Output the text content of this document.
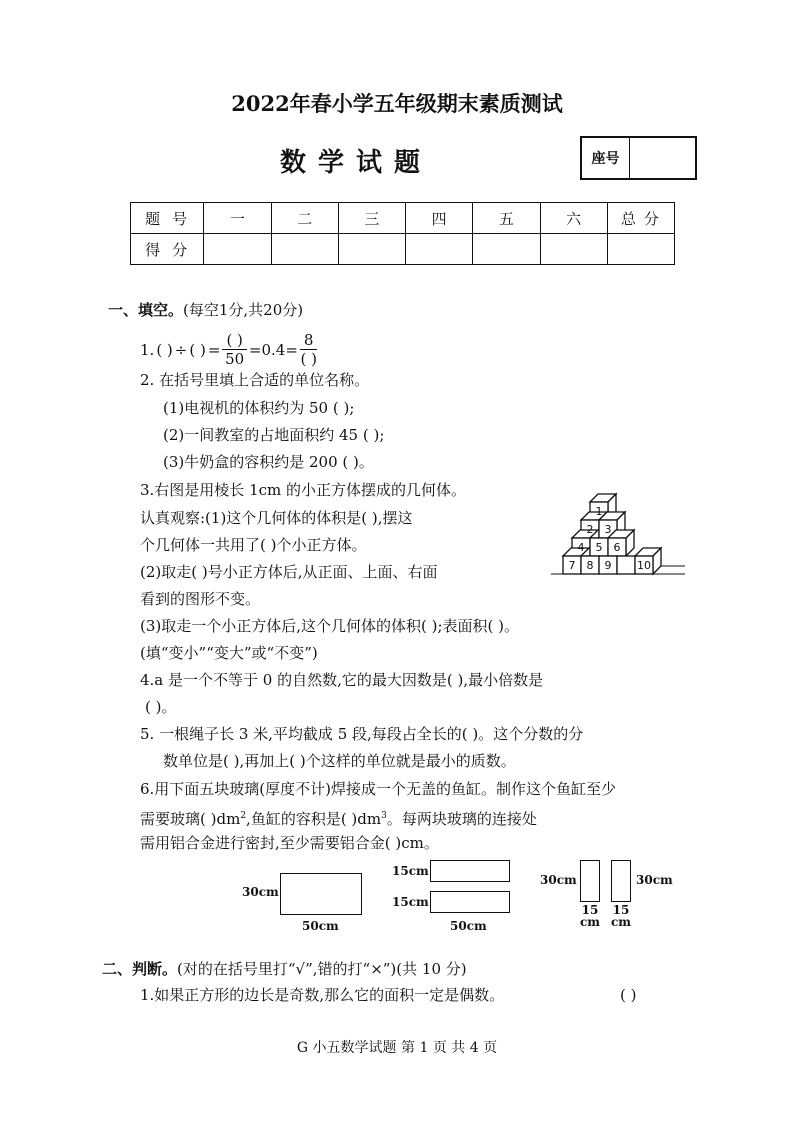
2022年春小学五年级期末素质测试
数学试题	座号
题号	一	二	三	四	五	六	总分
得分							
一、填空。(每空1分,共20分)
1. ( ) ÷ ( ) = $\frac{( )}{50} =0.4= \frac{8}{( )}$
2. 在括号里填上合适的单位名称。
(1)电视机的体积约为 50 ( );
(2)一间教室的占地面积约 45 ( );
(3)牛奶盒的容积约是 200 ( )。
3.右图是用棱长 1cm 的小正方体摆成的几何体。
认真观察:(1)这个几何体的体积是( ),摆这
个几何体一共用了( )个小正方体。
(2)取走( )号小正方体后,从正面、上面、右面
看到的图形不变。
(3)取走一个小正方体后,这个几何体的体积( );表面积( )。
(填“变小”“变大”或“不变”)
1
2 3
4 5 6
7 8 9 10
4.a 是一个不等于 0 的自然数,它的最大因数是( ),最小倍数是
( )。
5. 一根绳子长 3 米,平均截成 5 段,每段占全长的( )。这个分数的分
数单位是( ),再加上( )个这样的单位就是最小的质数。
6.用下面五块玻璃(厚度不计)焊接成一个无盖的鱼缸。制作这个鱼缸至少
需要玻璃( )$dm^2$,鱼缸的容积是( )$dm^3$。每两块玻璃的连接处
需用铝合金进行密封,至少需要铝合金( )cm。
30cm
50cm
15cm
15cm
50cm
30cm	30cm
15
cm
15
cm
二、判断。(对的在括号里打“√”,错的打“×”)(共 10 分)
1.如果正方形的边长是奇数,那么它的面积一定是偶数。	( )
G 小五数学试题 第 1 页 共 4 页
